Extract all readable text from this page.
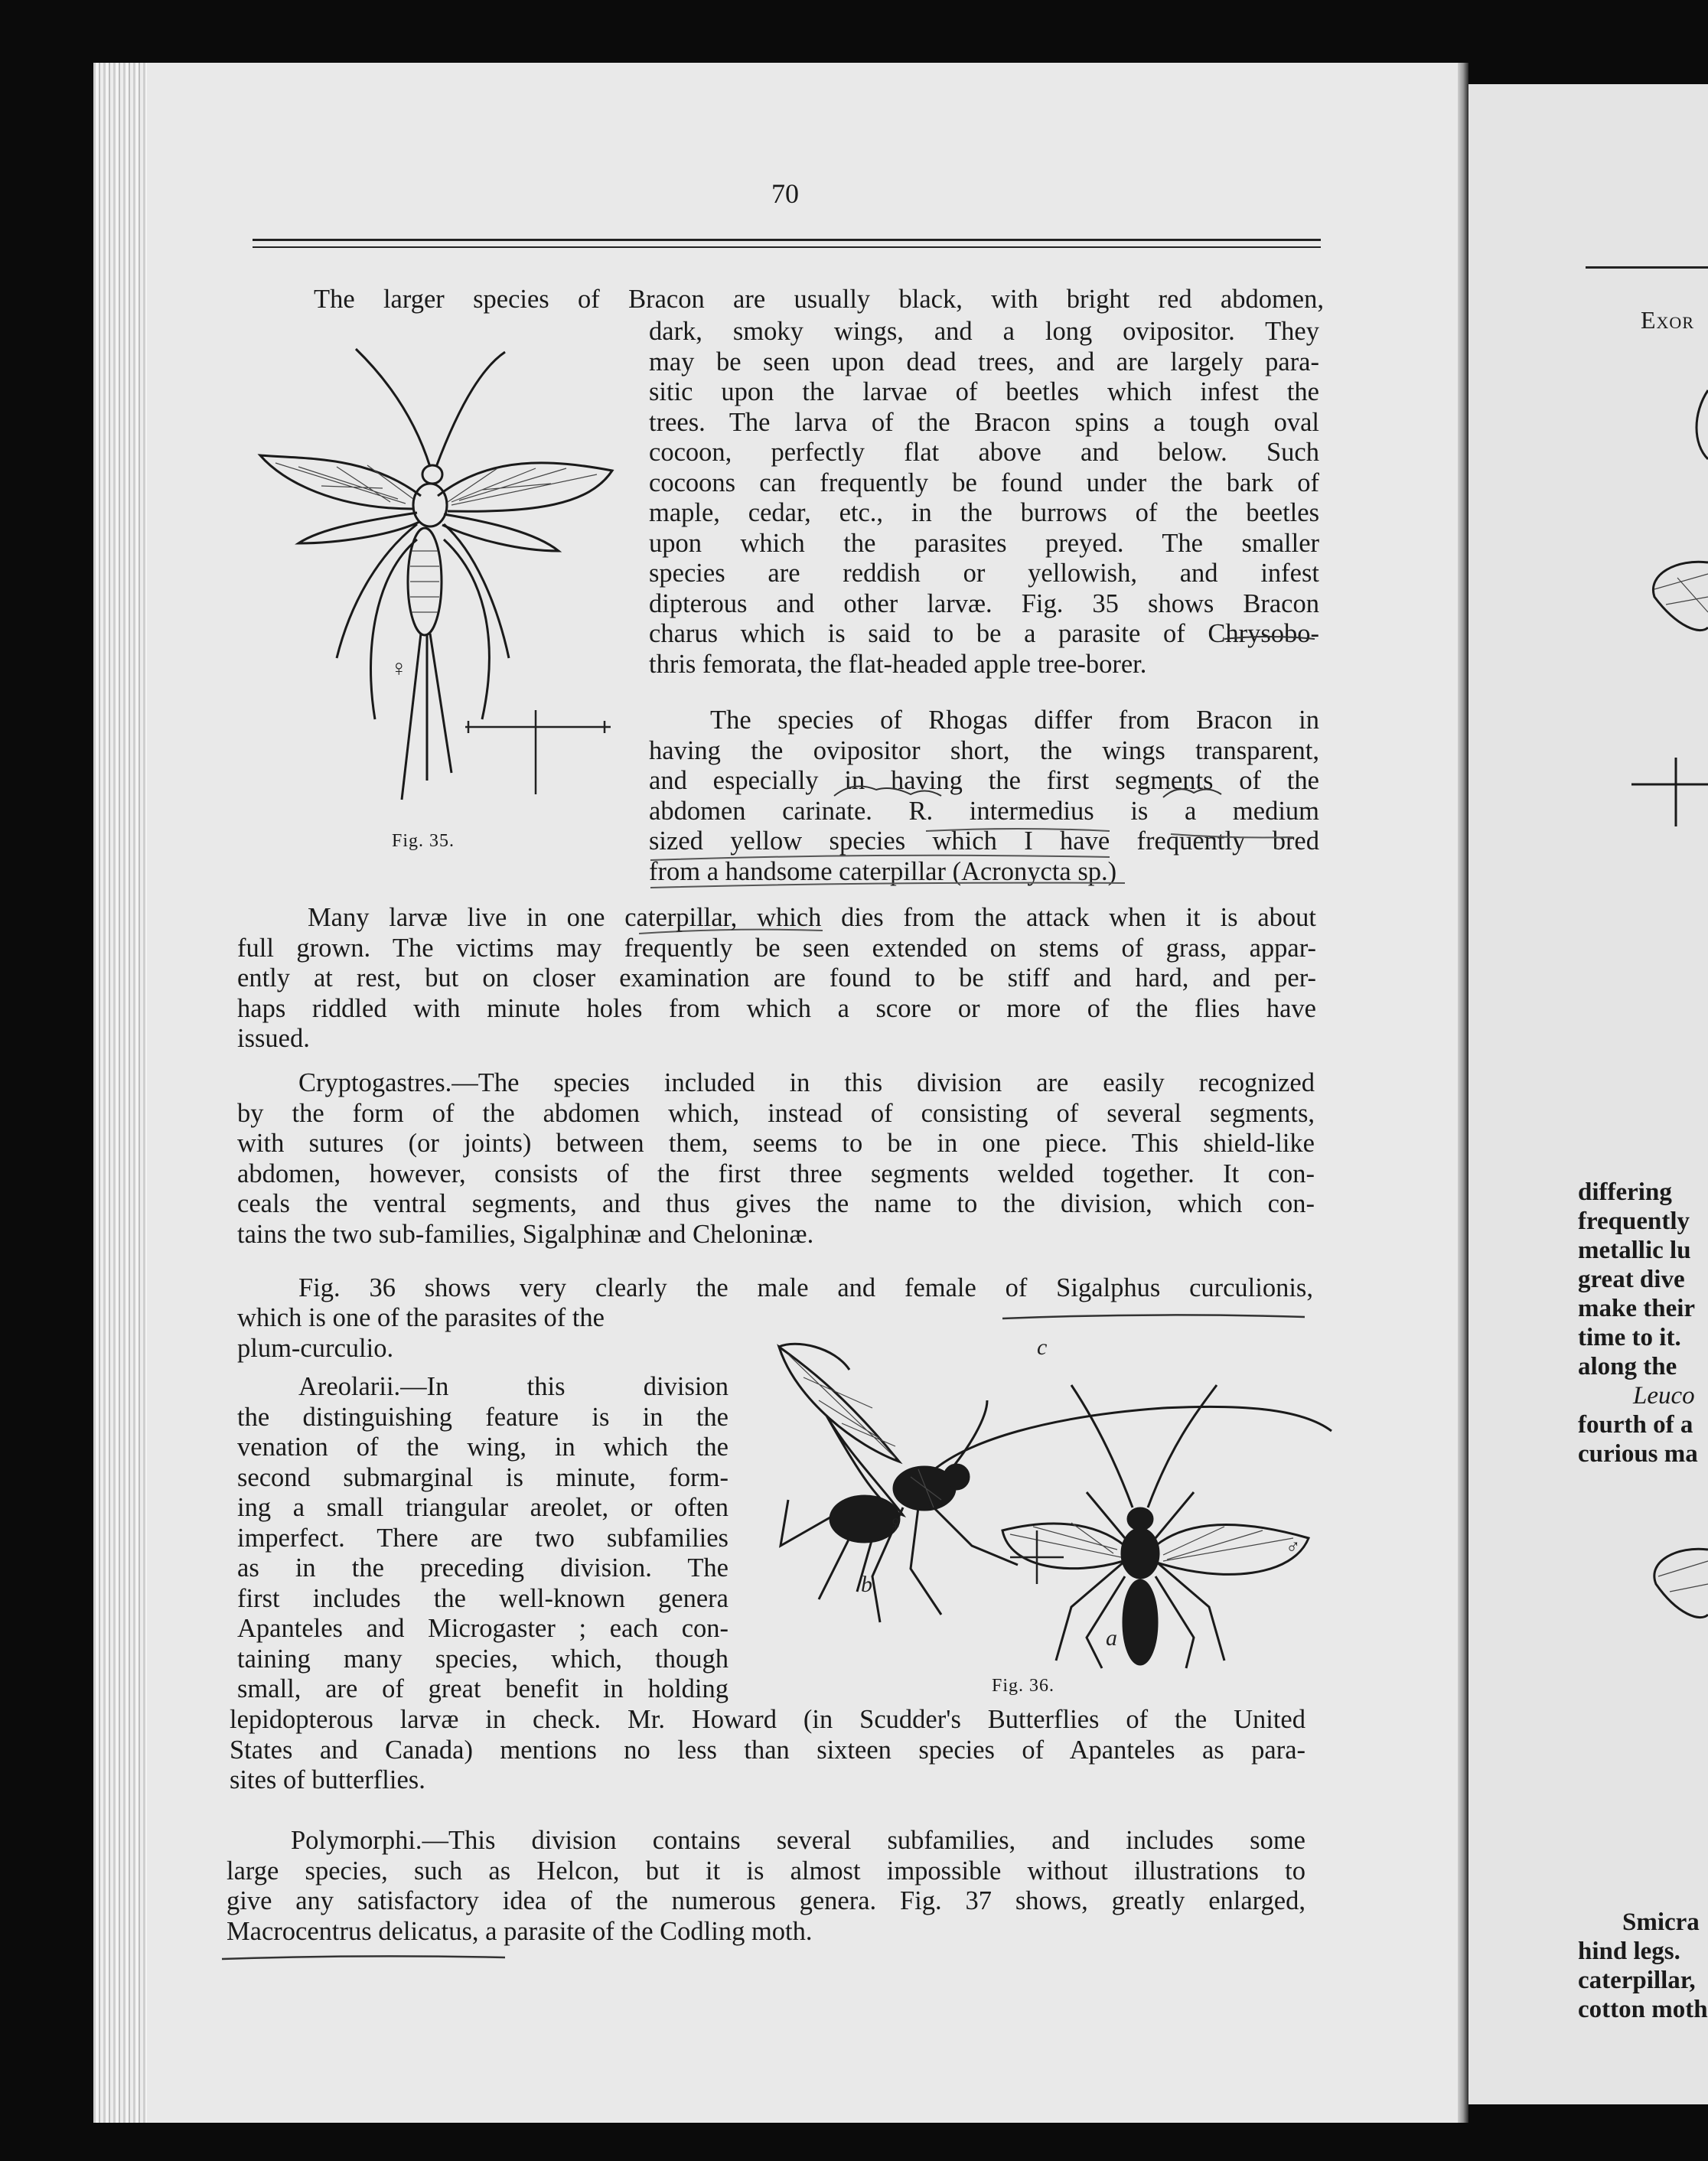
70
The larger species of Bracon are usually black, with bright red abdomen,
dark, smoky wings, and a long ovipositor. They
may be seen upon dead trees, and are largely para-
sitic upon the larvae of beetles which infest the
trees. The larva of the Bracon spins a tough oval
cocoon, perfectly flat above and below. Such
cocoons can frequently be found under the bark of
maple, cedar, etc., in the burrows of the beetles
upon which the parasites preyed. The smaller
species are reddish or yellowish, and infest
dipterous and other larvæ. Fig. 35 shows Bracon
charus which is said to be a parasite of Chrysobo-
thris femorata, the flat-headed apple tree-borer.
The species of Rhogas differ from Bracon in
having the ovipositor short, the wings transparent,
and especially in having the first segments of the
abdomen carinate. R. intermedius is a medium
sized yellow species which I have frequently bred
from a handsome caterpillar (Acronycta sp.)
♀
Fig. 35.
Many larvæ live in one caterpillar, which dies from the attack when it is about
full grown. The victims may frequently be seen extended on stems of grass, appar-
ently at rest, but on closer examination are found to be stiff and hard, and per-
haps riddled with minute holes from which a score or more of the flies have
issued.
Cryptogastres.—The species included in this division are easily recognized
by the form of the abdomen which, instead of consisting of several segments,
with sutures (or joints) between them, seems to be in one piece. This shield-like
abdomen, however, consists of the first three segments welded together. It con-
ceals the ventral segments, and thus gives the name to the division, which con-
tains the two sub-families, Sigalphinæ and Cheloninæ.
Fig. 36 shows very clearly the male and female of Sigalphus curculionis,
which is one of the parasites of the
plum-curculio.
Areolarii.—In this division
the distinguishing feature is in the
venation of the wing, in which the
second submarginal is minute, form-
ing a small triangular areolet, or often
imperfect. There are two subfamilies
as in the preceding division. The
first includes the well-known genera
Apanteles and Microgaster ; each con-
taining many species, which, though
small, are of great benefit in holding
lepidopterous larvæ in check. Mr. Howard (in Scudder's Butterflies of the United
States and Canada) mentions no less than sixteen species of Apanteles as para-
sites of butterflies.
c
♀
b
a
♂
Fig. 36.
Polymorphi.—This division contains several subfamilies, and includes some
large species, such as Helcon, but it is almost impossible without illustrations to
give any satisfactory idea of the numerous genera. Fig. 37 shows, greatly enlarged,
Macrocentrus delicatus, a parasite of the Codling moth.
Exor
differing
frequently
metallic lu
great dive
make their
time to it.
along the
Leuco
fourth of a
curious ma
Smicra
hind legs.
caterpillar,
cotton moth
